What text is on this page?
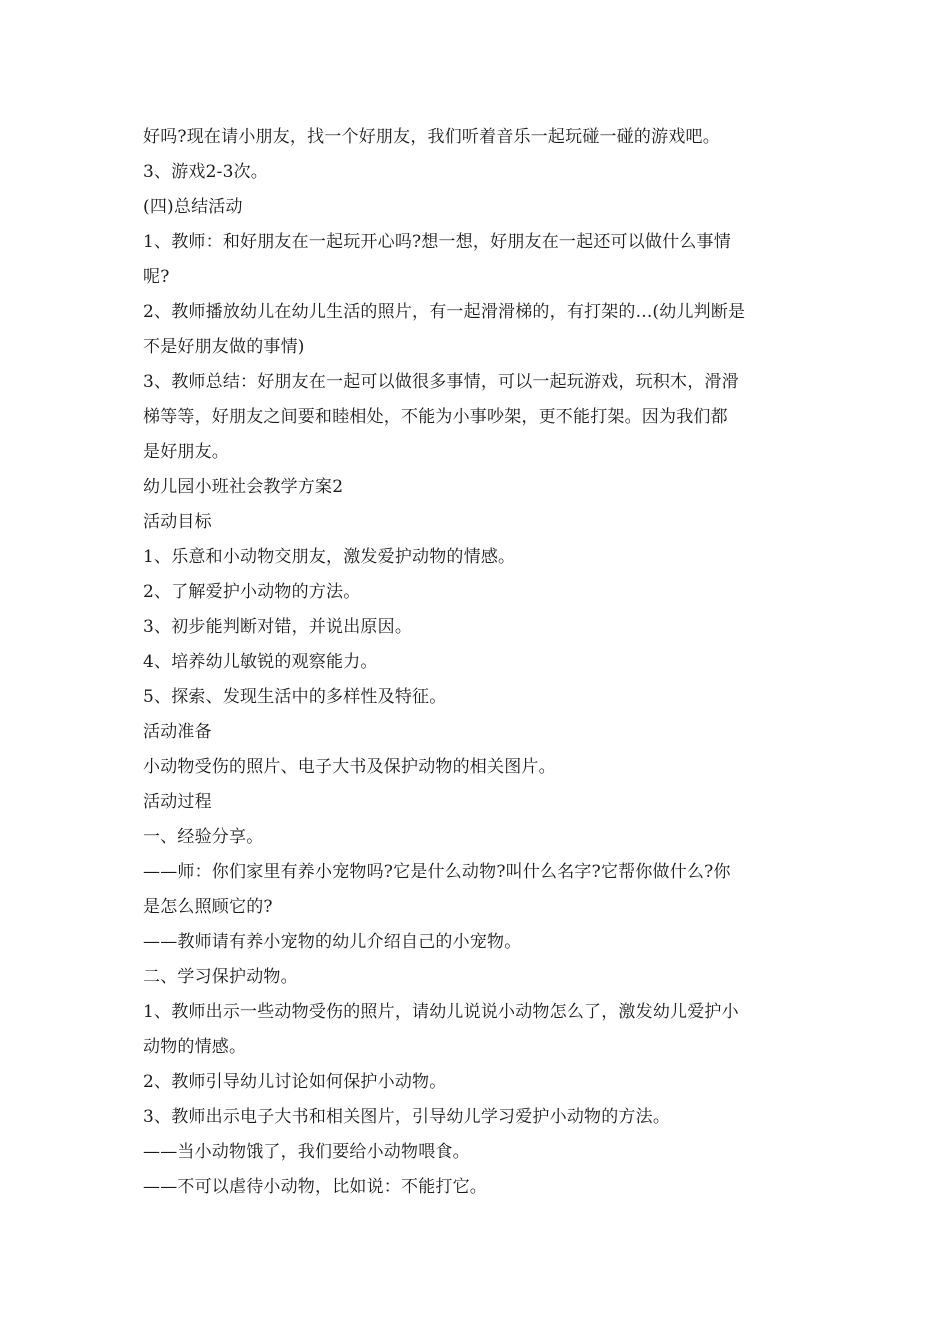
好吗?现在请小朋友，找一个好朋友，我们听着音乐一起玩碰一碰的游戏吧。
3、游戏2-3次。
(四)总结活动
1、教师：和好朋友在一起玩开心吗?想一想，好朋友在一起还可以做什么事情
呢?
2、教师播放幼儿在幼儿生活的照片，有一起滑滑梯的，有打架的...(幼儿判断是
不是好朋友做的事情)
3、教师总结：好朋友在一起可以做很多事情，可以一起玩游戏，玩积木，滑滑
梯等等，好朋友之间要和睦相处，不能为小事吵架，更不能打架。因为我们都
是好朋友。
幼儿园小班社会教学方案2
活动目标
1、乐意和小动物交朋友，激发爱护动物的情感。
2、了解爱护小动物的方法。
3、初步能判断对错，并说出原因。
4、培养幼儿敏锐的观察能力。
5、探索、发现生活中的多样性及特征。
活动准备
小动物受伤的照片、电子大书及保护动物的相关图片。
活动过程
一、经验分享。
——师：你们家里有养小宠物吗?它是什么动物?叫什么名字?它帮你做什么?你
是怎么照顾它的?
——教师请有养小宠物的幼儿介绍自己的小宠物。
二、学习保护动物。
1、教师出示一些动物受伤的照片，请幼儿说说小动物怎么了，激发幼儿爱护小
动物的情感。
2、教师引导幼儿讨论如何保护小动物。
3、教师出示电子大书和相关图片，引导幼儿学习爱护小动物的方法。
——当小动物饿了，我们要给小动物喂食。
——不可以虐待小动物，比如说：不能打它。
